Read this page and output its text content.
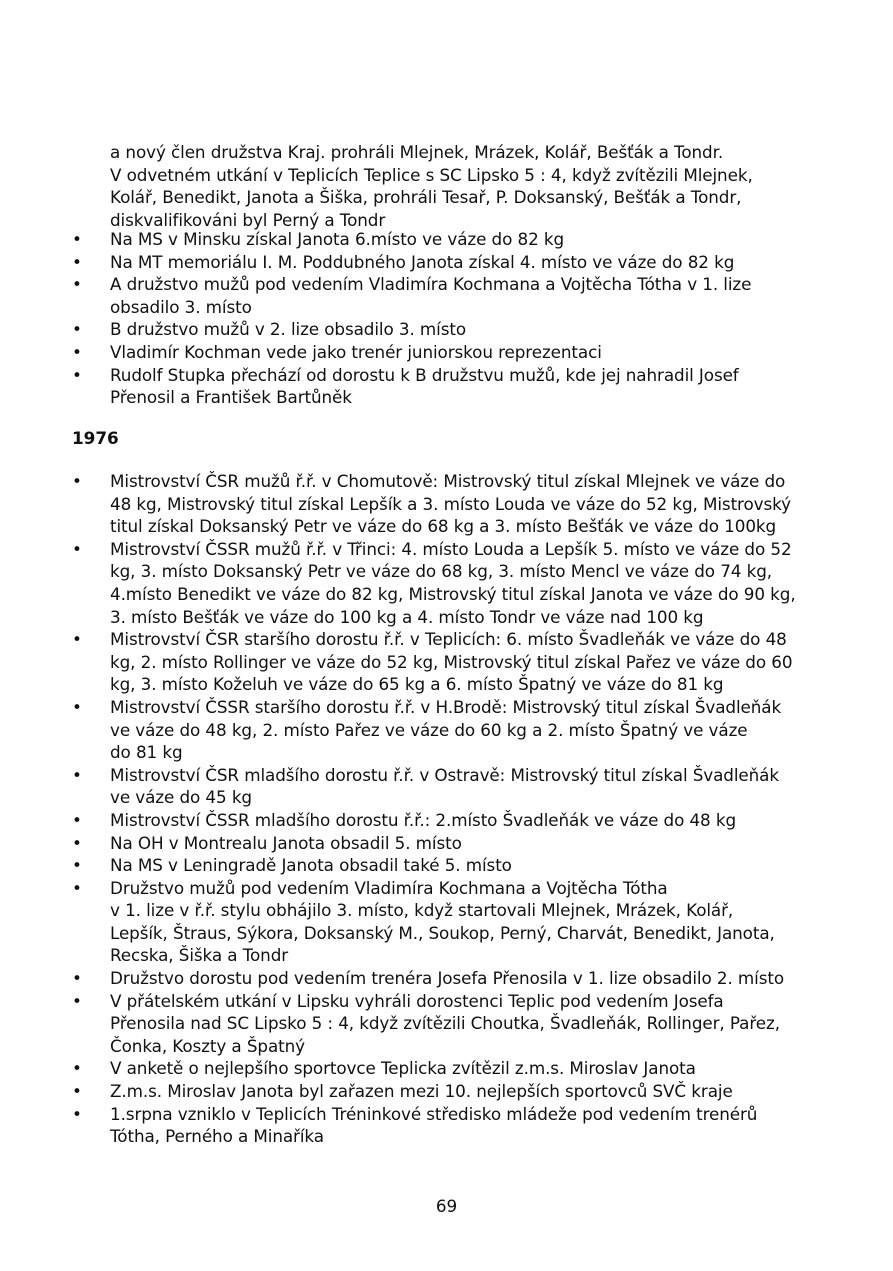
a nový člen družstva Kraj. prohráli Mlejnek, Mrázek, Kolář, Bešťák a Tondr.

V odvetném utkání v Teplicích Teplice s SC Lipsko 5 : 4, když zvítězili Mlejnek,

Kolář, Benedikt, Janota a Šiška, prohráli Tesař, P. Doksanský, Bešťák a Tondr,

diskvalifikováni byl Perný a Tondr

• Na MS v Minsku získal Janota 6.místo ve váze do 82 kg
• Na MT memoriálu I. M. Poddubného Janota získal 4. místo ve váze do 82 kg
• A družstvo mužů pod vedením Vladimíra Kochmana a Vojtěcha Tótha v 1. lize
obsadilo 3. místo
• B družstvo mužů v 2. lize obsadilo 3. místo
• Vladimír Kochman vede jako trenér juniorskou reprezentaci
• Rudolf Stupka přechází od dorostu k B družstvu mužů, kde jej nahradil Josef
Přenosil a František Bartůněk
1976
• Mistrovství ČSR mužů ř.ř. v Chomutově: Mistrovský titul získal Mlejnek ve váze do
48 kg, Mistrovský titul získal Lepšík a 3. místo Louda ve váze do 52 kg, Mistrovský
titul získal Doksanský Petr ve váze do 68 kg a 3. místo Bešťák ve váze do 100kg
• Mistrovství ČSSR mužů ř.ř. v Třinci: 4. místo Louda a Lepšík 5. místo ve váze do 52
kg, 3. místo Doksanský Petr ve váze do 68 kg, 3. místo Mencl ve váze do 74 kg,
4.místo Benedikt ve váze do 82 kg, Mistrovský titul získal Janota ve váze do 90 kg,
3. místo Bešťák ve váze do 100 kg a 4. místo Tondr ve váze nad 100 kg
• Mistrovství ČSR staršího dorostu ř.ř. v Teplicích: 6. místo Švadleňák ve váze do 48
kg, 2. místo Rollinger ve váze do 52 kg, Mistrovský titul získal Pařez ve váze do 60
kg, 3. místo Koželuh ve váze do 65 kg a 6. místo Špatný ve váze do 81 kg
• Mistrovství ČSSR staršího dorostu ř.ř. v H.Brodě: Mistrovský titul získal Švadleňák
ve váze do 48 kg, 2. místo Pařez ve váze do 60 kg a 2. místo Špatný ve váze
do 81 kg
• Mistrovství ČSR mladšího dorostu ř.ř. v Ostravě: Mistrovský titul získal Švadleňák
ve váze do 45 kg
• Mistrovství ČSSR mladšího dorostu ř.ř.: 2.místo Švadleňák ve váze do 48 kg
• Na OH v Montrealu Janota obsadil 5. místo
• Na MS v Leningradě Janota obsadil také 5. místo
• Družstvo mužů pod vedením Vladimíra Kochmana a Vojtěcha Tótha
v 1. lize v ř.ř. stylu obhájilo 3. místo, když startovali Mlejnek, Mrázek, Kolář,
Lepšík, Štraus, Sýkora, Doksanský M., Soukop, Perný, Charvát, Benedikt, Janota,
Recska, Šiška a Tondr
• Družstvo dorostu pod vedením trenéra Josefa Přenosila v 1. lize obsadilo 2. místo
• V přátelském utkání v Lipsku vyhráli dorostenci Teplic pod vedením Josefa
Přenosila nad SC Lipsko 5 : 4, když zvítězili Choutka, Švadleňák, Rollinger, Pařez,
Čonka, Koszty a Špatný
• V anketě o nejlepšího sportovce Teplicka zvítězil z.m.s. Miroslav Janota
• Z.m.s. Miroslav Janota byl zařazen mezi 10. nejlepších sportovců SVČ kraje
• 1.srpna vzniklo v Teplicích Tréninkové středisko mládeže pod vedením trenérů
Tótha, Perného a Minaříka
69
